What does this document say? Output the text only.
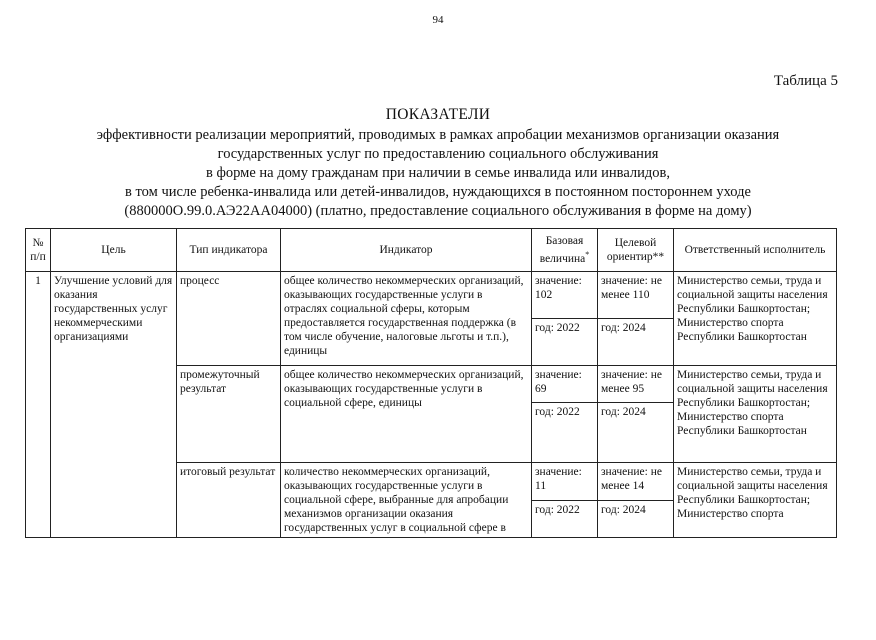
94
Таблица 5
ПОКАЗАТЕЛИ
эффективности реализации мероприятий, проводимых в рамках апробации механизмов организации оказания
государственных услуг по предоставлению социального обслуживания
в форме на дому гражданам при наличии в семье инвалида или инвалидов,
в том числе ребенка-инвалида или детей-инвалидов, нуждающихся в постоянном постороннем уходе
(880000О.99.0.АЭ22АА04000) (платно, предоставление социального обслуживания в форме на дому)
№ п/п	Цель	Тип индикатора	Индикатор	Базовая величина*	Целевой ориентир**	Ответственный исполнитель
1	Улучшение условий для оказания государственных услуг некоммерческими организациями	процесс	общее количество некоммерческих организаций, оказывающих государственные услуги в отраслях социальной сферы, которым предоставляется государственная поддержка (в том числе обучение, налоговые льготы и т.п.), единицы	значение: 102	значение: не менее 110	Министерство семьи, труда и социальной защиты населения Республики Башкортостан; Министерство спорта Республики Башкортостан
				год: 2022	год: 2024	
		промежуточный результат	общее количество некоммерческих организаций, оказывающих государственные услуги в социальной сфере, единицы	значение: 69	значение: не менее 95	Министерство семьи, труда и социальной защиты населения Республики Башкортостан; Министерство спорта Республики Башкортостан
				год: 2022	год: 2024	
		итоговый результат	количество некоммерческих организаций, оказывающих государственные услуги в социальной сфере, выбранные для апробации механизмов организации оказания государственных услуг в социальной сфере в	значение: 11	значение: не менее 14	Министерство семьи, труда и социальной защиты населения Республики Башкортостан; Министерство спорта
				год: 2022	год: 2024	
